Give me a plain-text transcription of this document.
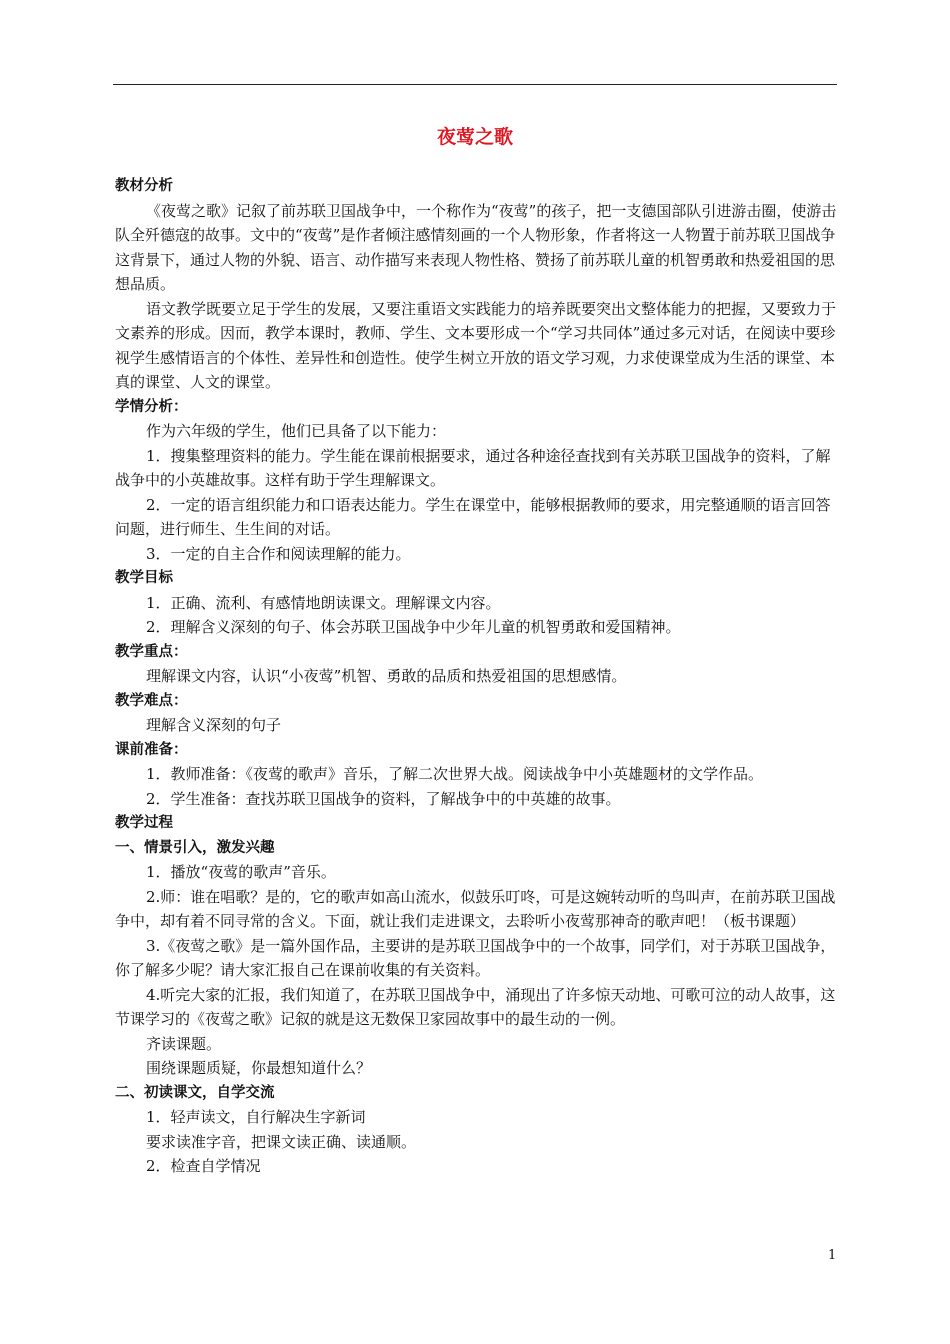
夜莺之歌

教材分析

《夜莺之歌》记叙了前苏联卫国战争中，一个称作为“夜莺”的孩子，把一支德国部队引进游击圈，使游击队全歼德寇的故事。文中的“夜莺”是作者倾注感情刻画的一个人物形象，作者将这一人物置于前苏联卫国战争这背景下，通过人物的外貌、语言、动作描写来表现人物性格、赞扬了前苏联儿童的机智勇敢和热爱祖国的思想品质。

语文教学既要立足于学生的发展，又要注重语文实践能力的培养既要突出文整体能力的把握，又要致力于文素养的形成。因而，教学本课时，教师、学生、文本要形成一个“学习共同体”通过多元对话，在阅读中要珍视学生感情语言的个体性、差异性和创造性。使学生树立开放的语文学习观，力求使课堂成为生活的课堂、本真的课堂、人文的课堂。

学情分析：

作为六年级的学生，他们已具备了以下能力：

1．搜集整理资料的能力。学生能在课前根据要求，通过各种途径查找到有关苏联卫国战争的资料，了解战争中的小英雄故事。这样有助于学生理解课文。

2．一定的语言组织能力和口语表达能力。学生在课堂中，能够根据教师的要求，用完整通顺的语言回答问题，进行师生、生生间的对话。

3．一定的自主合作和阅读理解的能力。

教学目标

1．正确、流利、有感情地朗读课文。理解课文内容。

2．理解含义深刻的句子、体会苏联卫国战争中少年儿童的机智勇敢和爱国精神。

教学重点：

理解课文内容，认识“小夜莺”机智、勇敢的品质和热爱祖国的思想感情。

教学难点：

理解含义深刻的句子

课前准备：

1．教师准备：《夜莺的歌声》音乐，了解二次世界大战。阅读战争中小英雄题材的文学作品。

2．学生准备：查找苏联卫国战争的资料，了解战争中的中英雄的故事。

教学过程

一、情景引入，激发兴趣

1．播放“夜莺的歌声”音乐。

2.师：谁在唱歌？是的，它的歌声如高山流水，似鼓乐叮咚，可是这婉转动听的鸟叫声，在前苏联卫国战争中，却有着不同寻常的含义。下面，就让我们走进课文，去聆听小夜莺那神奇的歌声吧！（板书课题）

3.《夜莺之歌》是一篇外国作品，主要讲的是苏联卫国战争中的一个故事，同学们，对于苏联卫国战争，你了解多少呢？请大家汇报自己在课前收集的有关资料。

4.听完大家的汇报，我们知道了，在苏联卫国战争中，涌现出了许多惊天动地、可歌可泣的动人故事，这节课学习的《夜莺之歌》记叙的就是这无数保卫家园故事中的最生动的一例。

齐读课题。

围绕课题质疑，你最想知道什么？

二、初读课文，自学交流

1．轻声读文，自行解决生字新词

要求读准字音，把课文读正确、读通顺。

2．检查自学情况

1
